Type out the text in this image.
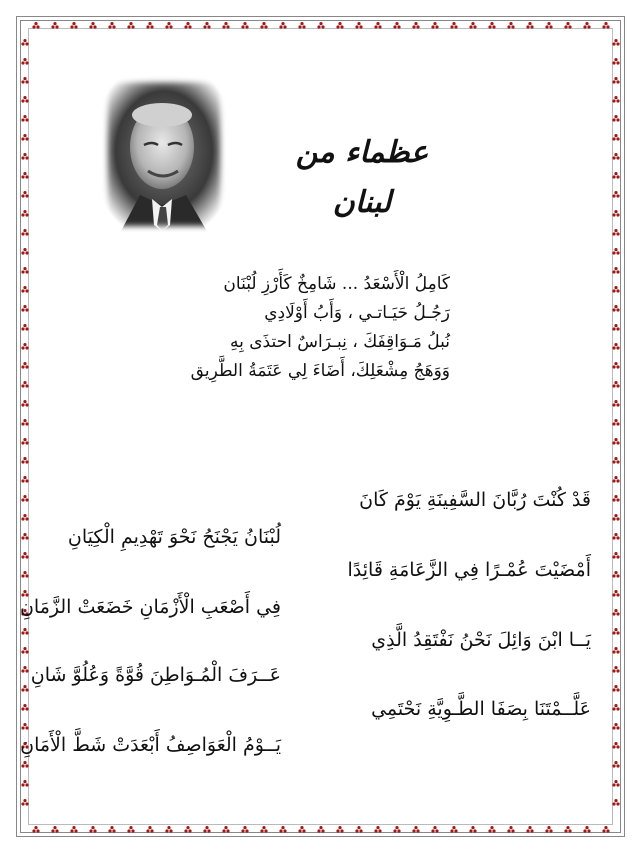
عظماء من لبنان
كَامِلُ الْأَسْعَدُ ... شَامِخٌ كَأَرْزِ لُبْنَان
رَجُـلُ حَيَـاتـي ، وَأَبُ أَوْلَادِي
نُبلُ مَـوَاقِفَكَ ، نِبـرَاسٌ احتذَى بِهِ
وَوَهَجُ مِشْعَلِكَ، أَضَاءَ لِي عَتَمَةُ الطَّرِيق
قَدْ كُنْتَ رُبَّانَ السَّفِينَةِ يَوْمَ كَانَ
لُبْنَانُ يَجْنَحُ نَحْوَ تَهْدِيمِ الْكِيَانِ
أَمْضَيْتَ عُمْـرًا فِي الزَّعَامَةِ قَائِدًا
فِي أَصْعَبِ الْأَزْمَانِ خَضَعَتْ الزَّمَانِ
يَــا ابْنَ وَائِلَ نَحْنُ نَفْتَقِدُ الَّذِي
عَــرَفَ الْمُـوَاطِنَ قُوَّةً وَعُلُوَّ شَانِ
عَلَّــمْتَنَا بِصَفَا الطَّـوِيَّةِ نَحْتَمِي
يَــوْمُ الْعَوَاصِفُ أَبْعَدَتْ شَطَّ الْأَمَانِ
